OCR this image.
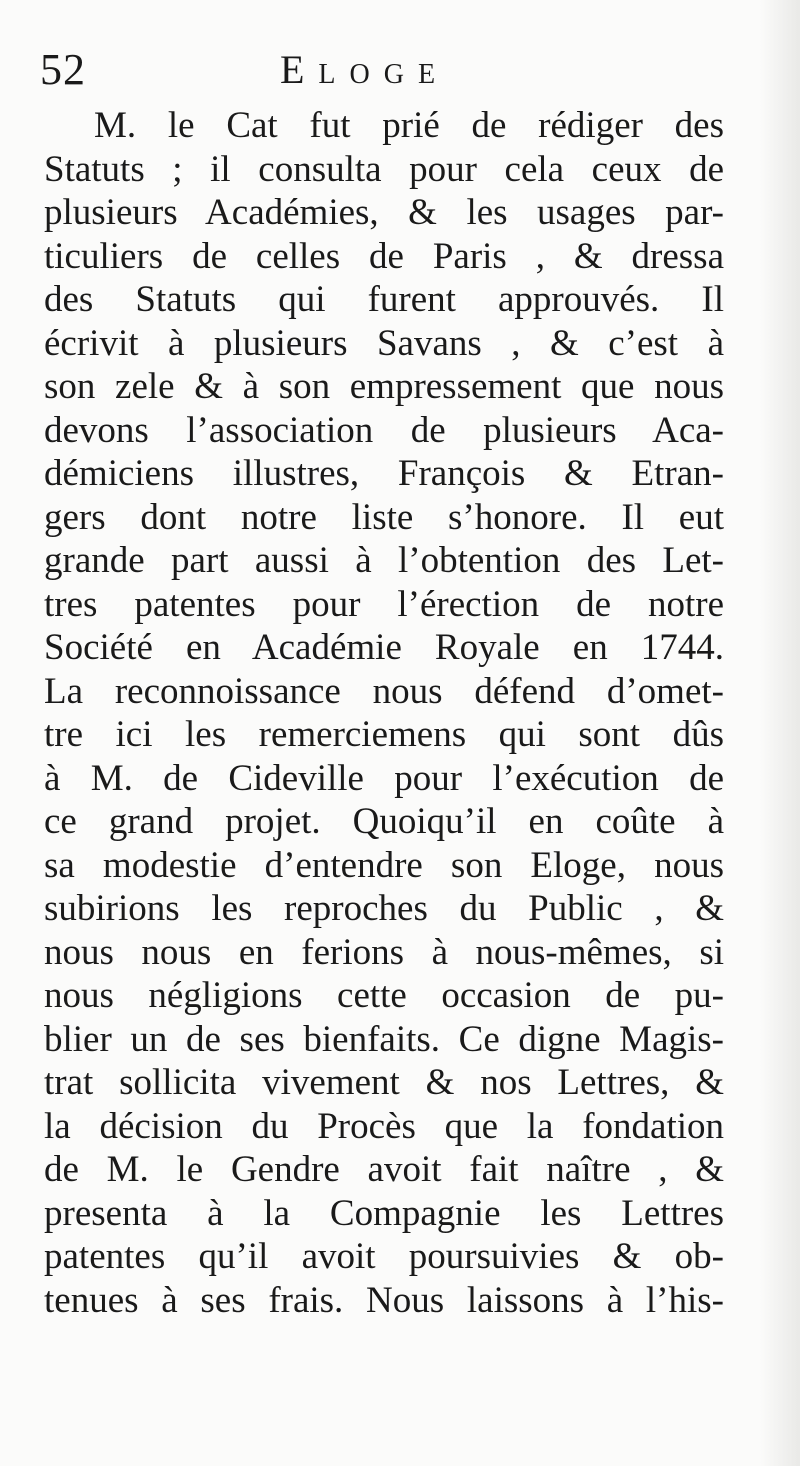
52	Eloge
M. le Cat fut prié de rédiger des
Statuts ; il consulta pour cela ceux de
plusieurs Académies, & les usages par-
ticuliers de celles de Paris , & dressa
des Statuts qui furent approuvés. Il
écrivit à plusieurs Savans , & c’est à
son zele & à son empressement que nous
devons l’association de plusieurs Aca-
démiciens illustres, François & Etran-
gers dont notre liste s’honore. Il eut
grande part aussi à l’obtention des Let-
tres patentes pour l’érection de notre
Société en Académie Royale en 1744.
La reconnoissance nous défend d’omet-
tre ici les remerciemens qui sont dûs
à M. de Cideville pour l’exécution de
ce grand projet. Quoiqu’il en coûte à
sa modestie d’entendre son Eloge, nous
subirions les reproches du Public , &
nous nous en ferions à nous-mêmes, si
nous négligions cette occasion de pu-
blier un de ses bienfaits. Ce digne Magis-
trat sollicita vivement & nos Lettres, &
la décision du Procès que la fondation
de M. le Gendre avoit fait naître , &
presenta à la Compagnie les Lettres
patentes qu’il avoit poursuivies & ob-
tenues à ses frais. Nous laissons à l’his-
